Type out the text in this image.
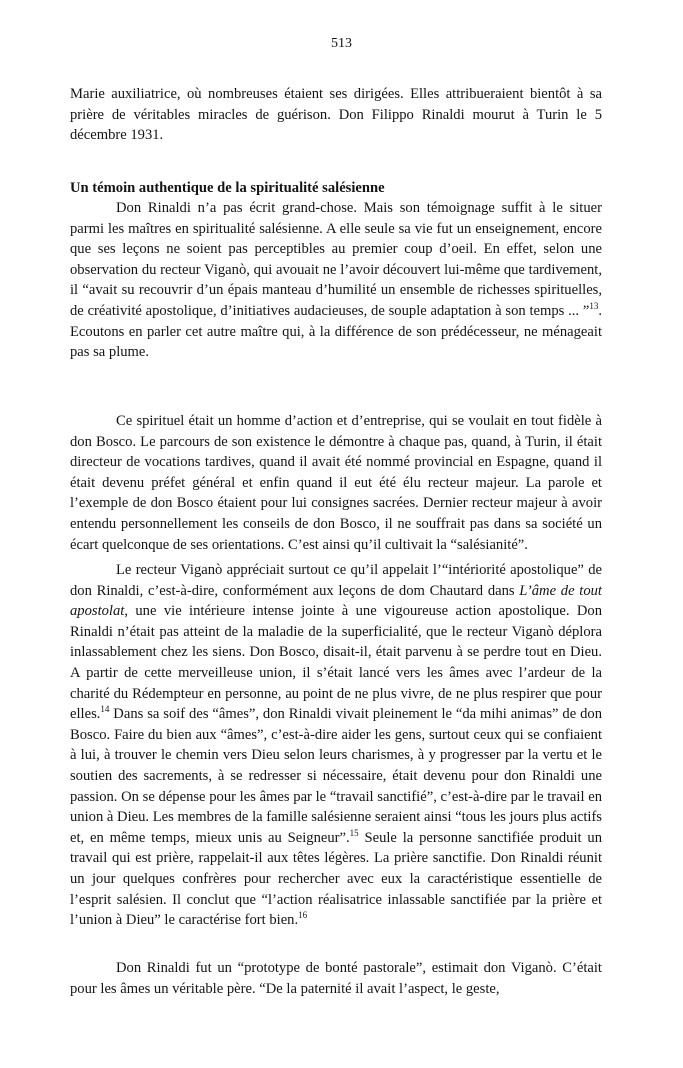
513

Marie auxiliatrice, où nombreuses étaient ses dirigées. Elles attribueraient bientôt à sa prière de véritables miracles de guérison. Don Filippo Rinaldi mourut à Turin le 5 décembre 1931.

Un témoin authentique de la spiritualité salésienne

Don Rinaldi n’a pas écrit grand-chose. Mais son témoignage suffit à le situer parmi les maîtres en spiritualité salésienne. A elle seule sa vie fut un enseignement, encore que ses leçons ne soient pas perceptibles au premier coup d’oeil. En effet, selon une observation du recteur Viganò, qui avouait ne l’avoir découvert lui-même que tardivement, il “avait su recouvrir d’un épais manteau d’humilité un ensemble de richesses spirituelles, de créativité apostolique, d’initiatives audacieuses, de souple adaptation à son temps ... ”$^{13}$. Ecoutons en parler cet autre maître qui, à la différence de son prédécesseur, ne ménageait pas sa plume.

Ce spirituel était un homme d’action et d’entreprise, qui se voulait en tout fidèle à don Bosco. Le parcours de son existence le démontre à chaque pas, quand, à Turin, il était directeur de vocations tardives, quand il avait été nommé provincial en Espagne, quand il était devenu préfet général et enfin quand il eut été élu recteur majeur. La parole et l’exemple de don Bosco étaient pour lui consignes sacrées. Dernier recteur majeur à avoir entendu personnellement les conseils de don Bosco, il ne souffrait pas dans sa société un écart quelconque de ses orientations. C’est ainsi qu’il cultivait la “salésianité”.

Le recteur Viganò appréciait surtout ce qu’il appelait l’“intériorité apostolique” de don Rinaldi, c’est-à-dire, conformément aux leçons de dom Chautard dans L’âme de tout apostolat, une vie intérieure intense jointe à une vigoureuse action apostolique. Don Rinaldi n’était pas atteint de la maladie de la superficialité, que le recteur Viganò déplora inlassablement chez les siens. Don Bosco, disait-il, était parvenu à se perdre tout en Dieu. A partir de cette merveilleuse union, il s’était lancé vers les âmes avec l’ardeur de la charité du Rédempteur en personne, au point de ne plus vivre, de ne plus respirer que pour elles.$^{14}$ Dans sa soif des “âmes”, don Rinaldi vivait pleinement le “da mihi animas” de don Bosco. Faire du bien aux “âmes”, c’est-à-dire aider les gens, surtout ceux qui se confiaient à lui, à trouver le chemin vers Dieu selon leurs charismes, à y progresser par la vertu et le soutien des sacrements, à se redresser si nécessaire, était devenu pour don Rinaldi une passion. On se dépense pour les âmes par le “travail sanctifié”, c’est-à-dire par le travail en union à Dieu. Les membres de la famille salésienne seraient ainsi “tous les jours plus actifs et, en même temps, mieux unis au Seigneur”.$^{15}$ Seule la personne sanctifiée produit un travail qui est prière, rappelait-il aux têtes légères. La prière sanctifie. Don Rinaldi réunit un jour quelques confrères pour rechercher avec eux la caractéristique essentielle de l’esprit salésien. Il conclut que “l’action réalisatrice inlassable sanctifiée par la prière et l’union à Dieu” le caractérise fort bien.$^{16}$

Don Rinaldi fut un “prototype de bonté pastorale”, estimait don Viganò. C’était pour les âmes un véritable père. “De la paternité il avait l’aspect, le geste,
